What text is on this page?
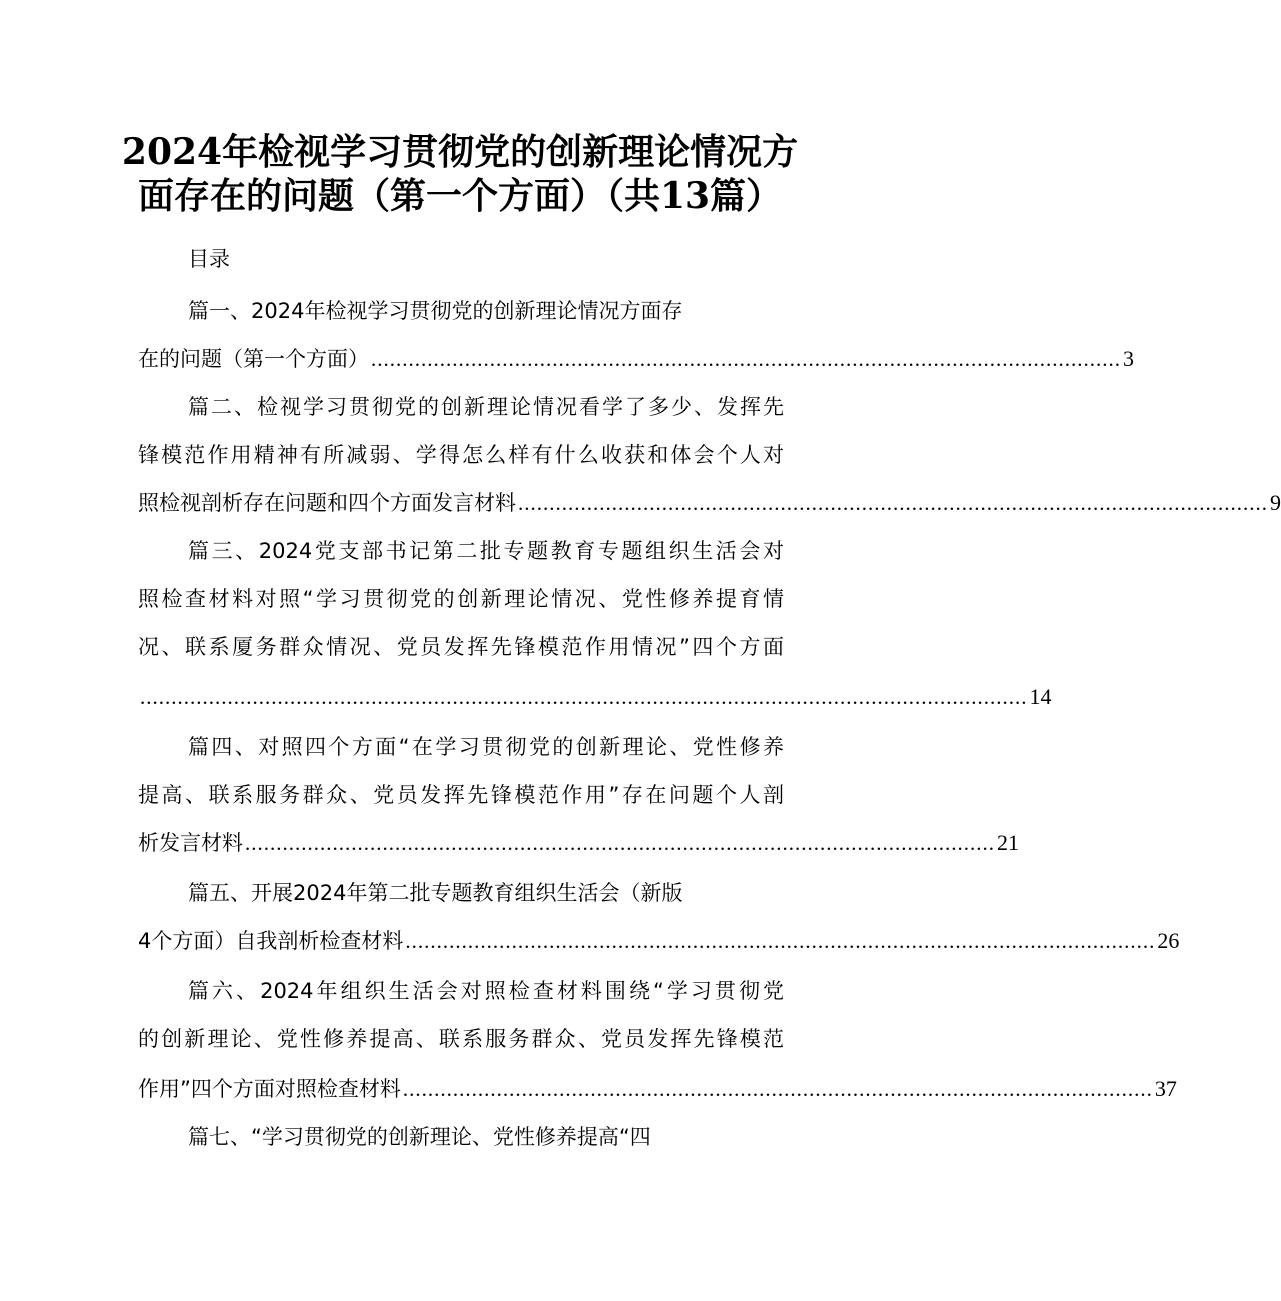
2024年检视学习贯彻党的创新理论情况方
面存在的问题（第一个方面）（共13篇）
目录
篇一、2024年检视学习贯彻党的创新理论情况方面存
在的问题（第一个方面） ........................................................................................................................ 3
篇二、检视学习贯彻党的创新理论情况看学了多少、发挥先
锋模范作用精神有所减弱、学得怎么样有什么收获和体会个人对
照检视剖析存在问题和四个方面发言材料 ........................................................................................................................ 9
篇三、2024党支部书记第二批专题教育专题组织生活会对
照检查材料对照“学习贯彻党的创新理论情况、党性修养提育情
况、联系厦务群众情况、党员发挥先锋模范作用情况”四个方面
.............................................................................................................................................. 14
篇四、对照四个方面“在学习贯彻党的创新理论、党性修养
提高、联系服务群众、党员发挥先锋模范作用”存在问题个人剖
析发言材料 ........................................................................................................................ 21
篇五、开展2024年第二批专题教育组织生活会（新版
4个方面）自我剖析检查材料 ........................................................................................................................ 26
篇六、2024年组织生活会对照检查材料围绕“学习贯彻党
的创新理论、党性修养提高、联系服务群众、党员发挥先锋模范
作用”四个方面对照检查材料 ........................................................................................................................ 37
篇七、“学习贯彻党的创新理论、党性修养提高“四
